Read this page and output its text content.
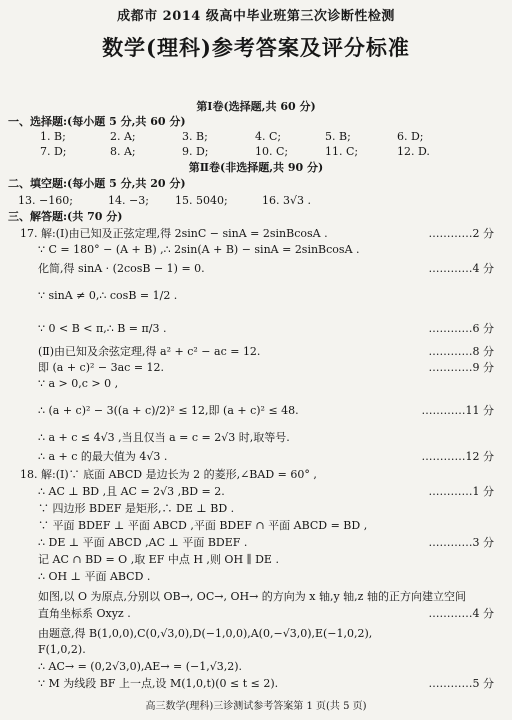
成都市 2014 级高中毕业班第三次诊断性检测
数学(理科)参考答案及评分标准
第Ⅰ卷(选择题,共 60 分)
一、选择题:(每小题 5 分,共 60 分)
1. B;	2. A;	3. B;	4. C;	5. B;	6. D;
7. D;	8. A;	9. D;	10. C;	11. C;	12. D.
第Ⅱ卷(非选择题,共 90 分)
二、填空题:(每小题 5 分,共 20 分)
13. −160;	14. −3; 15. 5040;	16. 3√3 .
三、解答题:(共 70 分)
17. 解:(Ⅰ)由已知及正弦定理,得 2sinC − sinA = 2sinBcosA .	…………2 分
∵ C = 180° − (A + B) ,∴ 2sin(A + B) − sinA = 2sinBcosA .
化简,得 sinA · (2cosB − 1) = 0.	…………4 分
∵ sinA ≠ 0,∴ cosB = 1/2 .
∵ 0 < B < π,∴ B = π/3 .	…………6 分
(Ⅱ)由已知及余弦定理,得 a² + c² − ac = 12.	…………8 分
即 (a + c)² − 3ac = 12.	…………9 分
∵ a > 0,c > 0 ,
∴ (a + c)² − 3((a + c)/2)² ≤ 12,即 (a + c)² ≤ 48.	…………11 分
∴ a + c ≤ 4√3 ,当且仅当 a = c = 2√3 时,取等号.
∴ a + c 的最大值为 4√3 .	…………12 分
18. 解:(Ⅰ)∵ 底面 ABCD 是边长为 2 的菱形,∠BAD = 60° ,
∴ AC ⊥ BD ,且 AC = 2√3 ,BD = 2.	…………1 分
∵ 四边形 BDEF 是矩形,∴ DE ⊥ BD .
∵ 平面 BDEF ⊥ 平面 ABCD ,平面 BDEF ∩ 平面 ABCD = BD ,
∴ DE ⊥ 平面 ABCD ,AC ⊥ 平面 BDEF .	…………3 分
记 AC ∩ BD = O ,取 EF 中点 H ,则 OH ∥ DE .
∴ OH ⊥ 平面 ABCD .
如图,以 O 为原点,分别以 OB→, OC→, OH→ 的方向为 x 轴,y 轴,z 轴的正方向建立空间
直角坐标系 Oxyz .	…………4 分
由题意,得 B(1,0,0),C(0,√3,0),D(−1,0,0),A(0,−√3,0),E(−1,0,2),
F(1,0,2).
∴ AC→ = (0,2√3,0),AE→ = (−1,√3,2).
∵ M 为线段 BF 上一点,设 M(1,0,t)(0 ≤ t ≤ 2).	…………5 分
高三数学(理科)三诊测试参考答案第 1 页(共 5 页)
